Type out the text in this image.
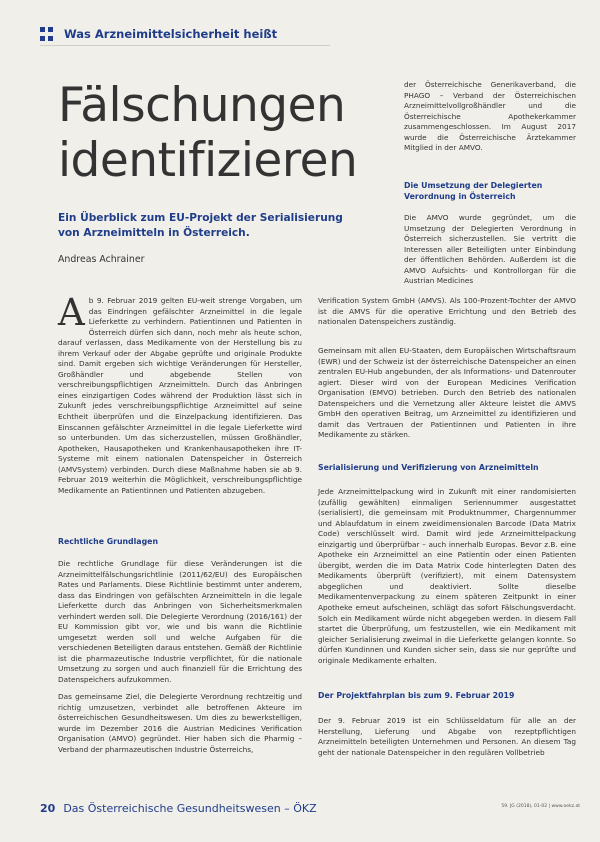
Was Arzneimittelsicherheit heißt
Fälschungen
identifizieren

Ein Überblick zum EU-Projekt der Serialisierung von Arzneimitteln in Österreich.

Andreas Achrainer

Ab 9. Februar 2019 gelten EU-weit strenge Vorgaben, um das Eindringen gefälschter Arzneimittel in die legale Lieferkette zu verhindern. Patientinnen und Patienten in Österreich dürfen sich dann, noch mehr als heute schon, darauf verlassen, dass Medikamente von der Herstellung bis zu ihrem Verkauf oder der Abgabe geprüfte und originale Produkte sind. Damit ergeben sich wichtige Veränderungen für Hersteller, Großhändler und abgebende Stellen von verschreibungspflichtigen Arzneimitteln. Durch das Anbringen eines einzigartigen Codes während der Produktion lässt sich in Zukunft jedes verschreibungspflichtige Arzneimittel auf seine Echtheit überprüfen und die Einzelpackung identifizieren. Das Einscannen gefälschter Arzneimittel in die legale Lieferkette wird so unterbunden. Um das sicherzustellen, müssen Großhändler, Apotheken, Hausapotheken und Krankenhausapotheken ihre IT-Systeme mit einem nationalen Datenspeicher in Österreich (AMVSystem) verbinden. Durch diese Maßnahme haben sie ab 9. Februar 2019 weiterhin die Möglichkeit, verschreibungspflichtige Medikamente an Patientinnen und Patienten abzugeben.

Rechtliche Grundlagen

Die rechtliche Grundlage für diese Veränderungen ist die Arzneimittelfälschungsrichtlinie (2011/62/EU) des Europäischen Rates und Parlaments. Diese Richtlinie bestimmt unter anderem, dass das Eindringen von gefälschten Arzneimitteln in die legale Lieferkette durch das Anbringen von Sicherheitsmerkmalen verhindert werden soll. Die Delegierte Verordnung (2016/161) der EU Kommission gibt vor, wie und bis wann die Richtlinie umgesetzt werden soll und welche Aufgaben für die verschiedenen Beteiligten daraus entstehen. Gemäß der Richtlinie ist die pharmazeutische Industrie verpflichtet, für die nationale Umsetzung zu sorgen und auch finanziell für die Errichtung des Datenspeichers aufzukommen.

Das gemeinsame Ziel, die Delegierte Verordnung rechtzeitig und richtig umzusetzen, verbindet alle betroffenen Akteure im österreichischen Gesundheitswesen. Um dies zu bewerkstelligen, wurde im Dezember 2016 die Austrian Medicines Verification Organisation (AMVO) gegründet. Hier haben sich die Pharmig – Verband der pharmazeutischen Industrie Österreichs,

der Österreichische Generikaverband, die PHAGO – Verband der Österreichischen Arzneimittelvollgroßhändler und die Österreichische Apothekerkammer zusammengeschlossen. Im August 2017 wurde die Österreichische Ärztekammer Mitglied in der AMVO.

Die Umsetzung der Delegierten Verordnung in Österreich

Die AMVO wurde gegründet, um die Umsetzung der Delegierten Verordnung in Österreich sicherzustellen. Sie vertritt die Interessen aller Beteiligten unter Einbindung der öffentlichen Behörden. Außerdem ist die AMVO Aufsichts- und Kontrollorgan für die Austrian Medicines

Verification System GmbH (AMVS). Als 100-Prozent-Tochter der AMVO ist die AMVS für die operative Errichtung und den Betrieb des nationalen Datenspeichers zuständig.

Gemeinsam mit allen EU-Staaten, dem Europäischen Wirtschaftsraum (EWR) und der Schweiz ist der österreichische Datenspeicher an einen zentralen EU-Hub angebunden, der als Informations- und Datenrouter agiert. Dieser wird von der European Medicines Verification Organisation (EMVO) betrieben. Durch den Betrieb des nationalen Datenspeichers und die Vernetzung aller Akteure leistet die AMVS GmbH den operativen Beitrag, um Arzneimittel zu identifizieren und damit das Vertrauen der Patientinnen und Patienten in ihre Medikamente zu stärken.

Serialisierung und Verifizierung von Arzneimitteln

Jede Arzneimittelpackung wird in Zukunft mit einer randomisierten (zufällig gewählten) einmaligen Seriennummer ausgestattet (serialisiert), die gemeinsam mit Produktnummer, Chargennummer und Ablaufdatum in einem zweidimensionalen Barcode (Data Matrix Code) verschlüsselt wird. Damit wird jede Arzneimittelpackung einzigartig und überprüfbar – auch innerhalb Europas. Bevor z.B. eine Apotheke ein Arzneimittel an eine Patientin oder einen Patienten übergibt, werden die im Data Matrix Code hinterlegten Daten des Medikaments überprüft (verifiziert), mit einem Datensystem abgeglichen und deaktiviert. Sollte dieselbe Medikamentenverpackung zu einem späteren Zeitpunkt in einer Apotheke erneut aufscheinen, schlägt das sofort Fälschungsverdacht. Solch ein Medikament würde nicht abgegeben werden. In diesem Fall startet die Überprüfung, um festzustellen, wie ein Medikament mit gleicher Serialisierung zweimal in die Lieferkette gelangen konnte. So dürfen Kundinnen und Kunden sicher sein, dass sie nur geprüfte und originale Medikamente erhalten.

Der Projektfahrplan bis zum 9. Februar 2019

Der 9. Februar 2019 ist ein Schlüsseldatum für alle an der Herstellung, Lieferung und Abgabe von rezeptpflichtigen Arzneimitteln beteiligten Unternehmen und Personen. An diesem Tag geht der nationale Datenspeicher in den regulären Vollbetrieb

20 Das Österreichische Gesundheitswesen – ÖKZ	59. JG (2018), 01-02 | www.oekz.at
